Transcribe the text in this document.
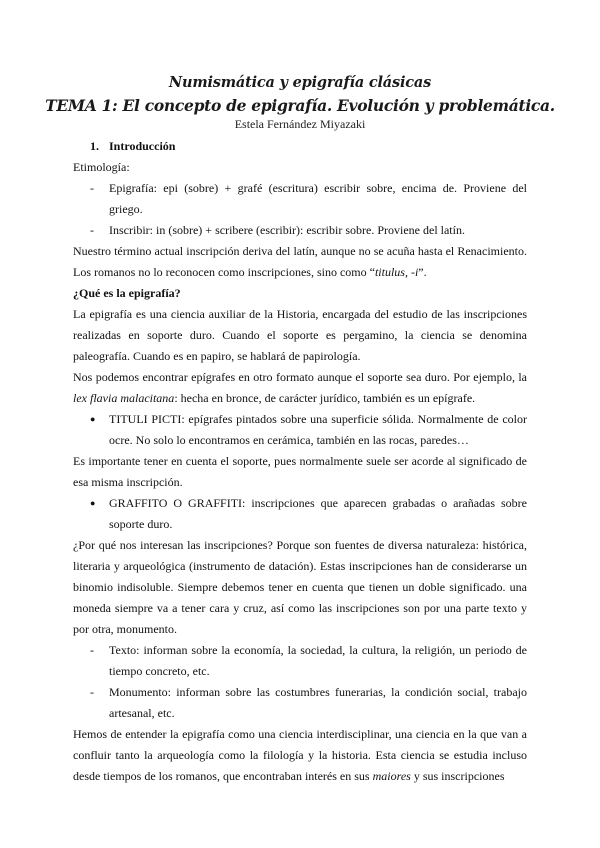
Numismática y epigrafía clásicas
TEMA 1: El concepto de epigrafía. Evolución y problemática.
Estela Fernández Miyazaki

1. Introducción

Etimología:

- Epigrafía: epi (sobre) + grafé (escritura) escribir sobre, encima de. Proviene del griego.
- Inscribir: in (sobre) + scribere (escribir): escribir sobre. Proviene del latín.

Nuestro término actual inscripción deriva del latín, aunque no se acuña hasta el Renacimiento. Los romanos no lo reconocen como inscripciones, sino como “titulus, -i”.

¿Qué es la epigrafía?

La epigrafía es una ciencia auxiliar de la Historia, encargada del estudio de las inscripciones realizadas en soporte duro. Cuando el soporte es pergamino, la ciencia se denomina paleografía. Cuando es en papiro, se hablará de papirología.

Nos podemos encontrar epígrafes en otro formato aunque el soporte sea duro. Por ejemplo, la lex flavia malacitana: hecha en bronce, de carácter jurídico, también es un epígrafe.

● TITULI PICTI: epígrafes pintados sobre una superficie sólida. Normalmente de color ocre. No solo lo encontramos en cerámica, también en las rocas, paredes…

Es importante tener en cuenta el soporte, pues normalmente suele ser acorde al significado de esa misma inscripción.

● GRAFFITO O GRAFFITI: inscripciones que aparecen grabadas o arañadas sobre soporte duro.

¿Por qué nos interesan las inscripciones? Porque son fuentes de diversa naturaleza: histórica, literaria y arqueológica (instrumento de datación). Estas inscripciones han de considerarse un binomio indisoluble. Siempre debemos tener en cuenta que tienen un doble significado. una moneda siempre va a tener cara y cruz, así como las inscripciones son por una parte texto y por otra, monumento.

- Texto: informan sobre la economía, la sociedad, la cultura, la religión, un periodo de tiempo concreto, etc.
- Monumento: informan sobre las costumbres funerarias, la condición social, trabajo artesanal, etc.

Hemos de entender la epigrafía como una ciencia interdisciplinar, una ciencia en la que van a confluir tanto la arqueología como la filología y la historia. Esta ciencia se estudia incluso desde tiempos de los romanos, que encontraban interés en sus maiores y sus inscripciones
